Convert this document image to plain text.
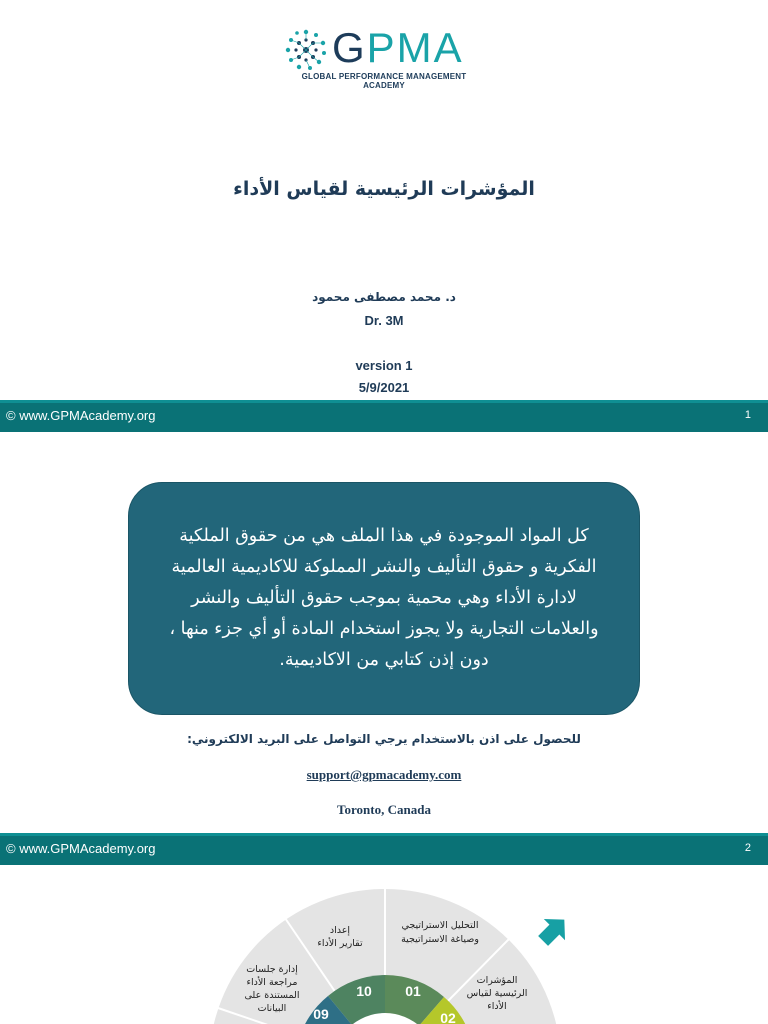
GPMA
GLOBAL PERFORMANCE MANAGEMENT ACADEMY
المؤشرات الرئيسية لقياس الأداء
د. محمد مصطفى محمود
Dr. 3M
version 1
5/9/2021
© www.GPMAcademy.org	1
كل المواد الموجودة في هذا الملف هي من حقوق الملكية الفكرية و حقوق التأليف والنشر المملوكة للاكاديمية العالمية لادارة الأداء وهي محمية بموجب حقوق التأليف والنشر والعلامات التجارية ولا يجوز استخدام المادة أو أي جزء منها ، دون إذن كتابي من الاكاديمية.
للحصول على اذن بالاستخدام يرجي التواصل على البريد الالكتروني:
support@gpmacademy.com
Toronto, Canada
© www.GPMAcademy.org	2
01
02
09
10
التحليل الاستراتيجي
وصياغة الاستراتيجية
المؤشرات
الرئيسية لقياس
الأداء
إدارة جلسات
مراجعة الأداء
المستندة على
البيانات
إعداد
تقارير الأداء
